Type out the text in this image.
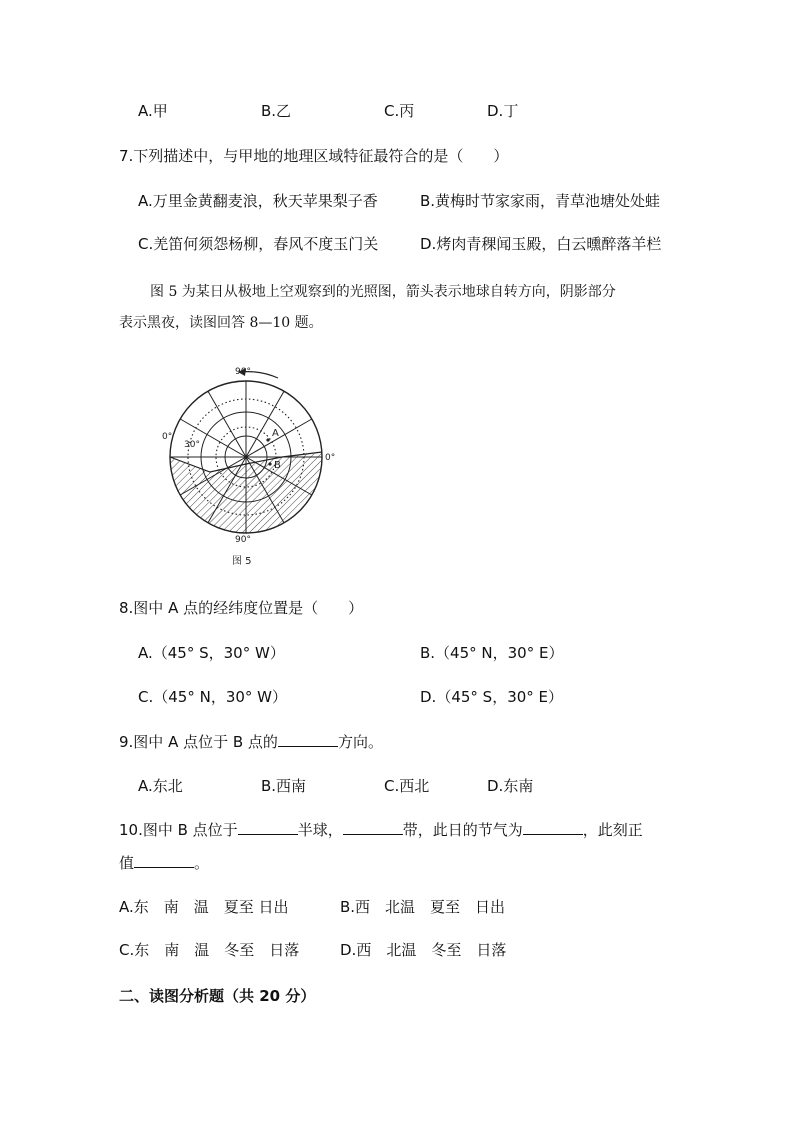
A.甲	B.乙	C.丙	D.丁
7.下列描述中，与甲地的地理区域特征最符合的是（　　）
A.万里金黄翻麦浪，秋天苹果梨子香	B.黄梅时节家家雨，青草池塘处处蛙
C.羌笛何须怨杨柳，春风不度玉门关	D.烤肉青稞闻玉殿，白云曛醉落羊栏
图 5 为某日从极地上空观察到的光照图，箭头表示地球自转方向，阴影部分
表示黑夜，读图回答 8—10 题。
90°
90°
0°
0°
30°
A
B
图 5
8.图中 A 点的经纬度位置是（　　）
A.（45° S，30° W）	B.（45° N，30° E）
C.（45° N，30° W）	D.（45° S，30° E）
9.图中 A 点位于 B 点的	方向。
A.东北	B.西南	C.西北	D.东南
10.图中 B 点位于	半球，	带，此日的节气为	，此刻正
值	。
A.东　南　温　夏至 日出	B.西　北温　夏至　日出
C.东　南　温　冬至　日落	D.西　北温　冬至　日落
二、读图分析题（共 20 分）
